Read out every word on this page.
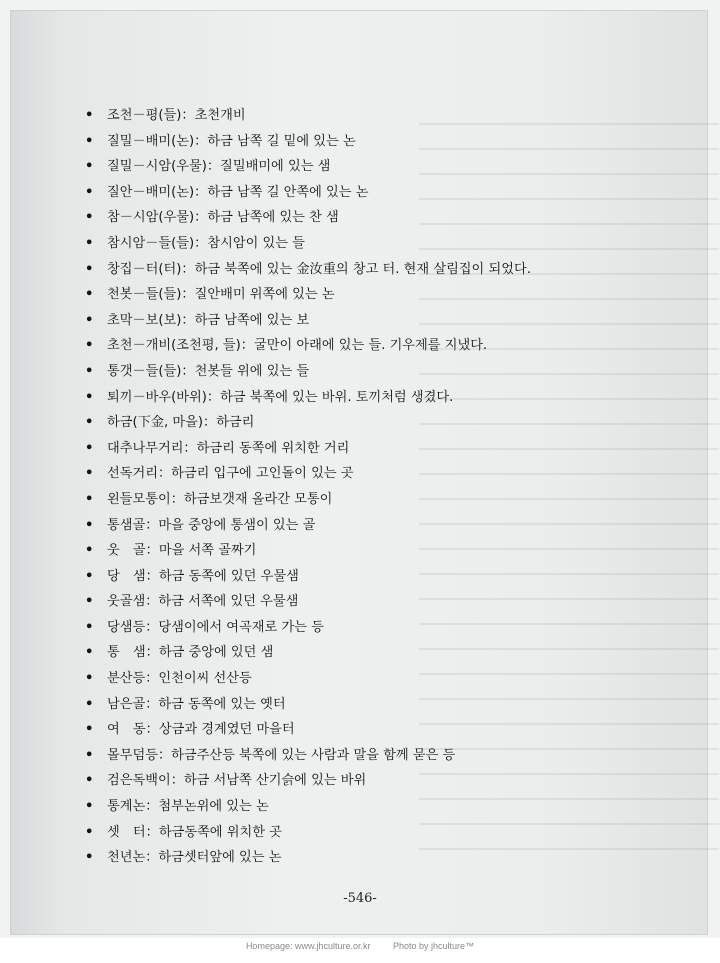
• 조천－평(들)：초천개비
• 질밀－배미(논)：하금 남쪽 길 밑에 있는 논
• 질밀－시암(우물)：질밀배미에 있는 샘
• 질안－배미(논)：하금 남쪽 길 안쪽에 있는 논
• 참－시암(우물)：하금 남쪽에 있는 찬 샘
• 참시암－들(들)：참시암이 있는 들
• 창집－터(터)：하금 북쪽에 있는 金汝重의 창고 터. 현재 살림집이 되었다.
• 천봇－들(들)：질안배미 위쪽에 있는 논
• 초막－보(보)：하금 남쪽에 있는 보
• 초천－개비(조천평, 들)：굴만이 아래에 있는 들. 기우제를 지냈다.
• 통갯－들(들)：천봇들 위에 있는 들
• 퇴끼－바우(바위)：하금 북쪽에 있는 바위. 토끼처럼 생겼다.
• 하금(下金, 마을)：하금리
• 대추나무거리：하금리 동쪽에 위치한 거리
• 선독거리：하금리 입구에 고인돌이 있는 곳
• 왼들모통이：하금보갯재 올라간 모통이
• 통샘골：마을 중앙에 통샘이 있는 골
• 웃　골：마을 서쪽 골짜기
• 당　샘：하금 동쪽에 있던 우물샘
• 웃골샘：하금 서쪽에 있던 우물샘
• 당샘등：당샘이에서 여곡재로 가는 등
• 통　샘：하금 중앙에 있던 샘
• 분산등：인천이씨 선산등
• 남은골：하금 동쪽에 있는 옛터
• 여　동：상금과 경계였던 마을터
• 몰무덤등：하금주산등 북쪽에 있는 사람과 말을 함께 묻은 등
• 검은독백이：하금 서남쪽 산기슭에 있는 바위
• 통계논：첨부논위에 있는 논
• 셋　터：하금동쪽에 위치한 곳
• 천년논：하금셋터앞에 있는 논
-546-
Homepage: www.jhculture.or.kr	Photo by jhculture™
